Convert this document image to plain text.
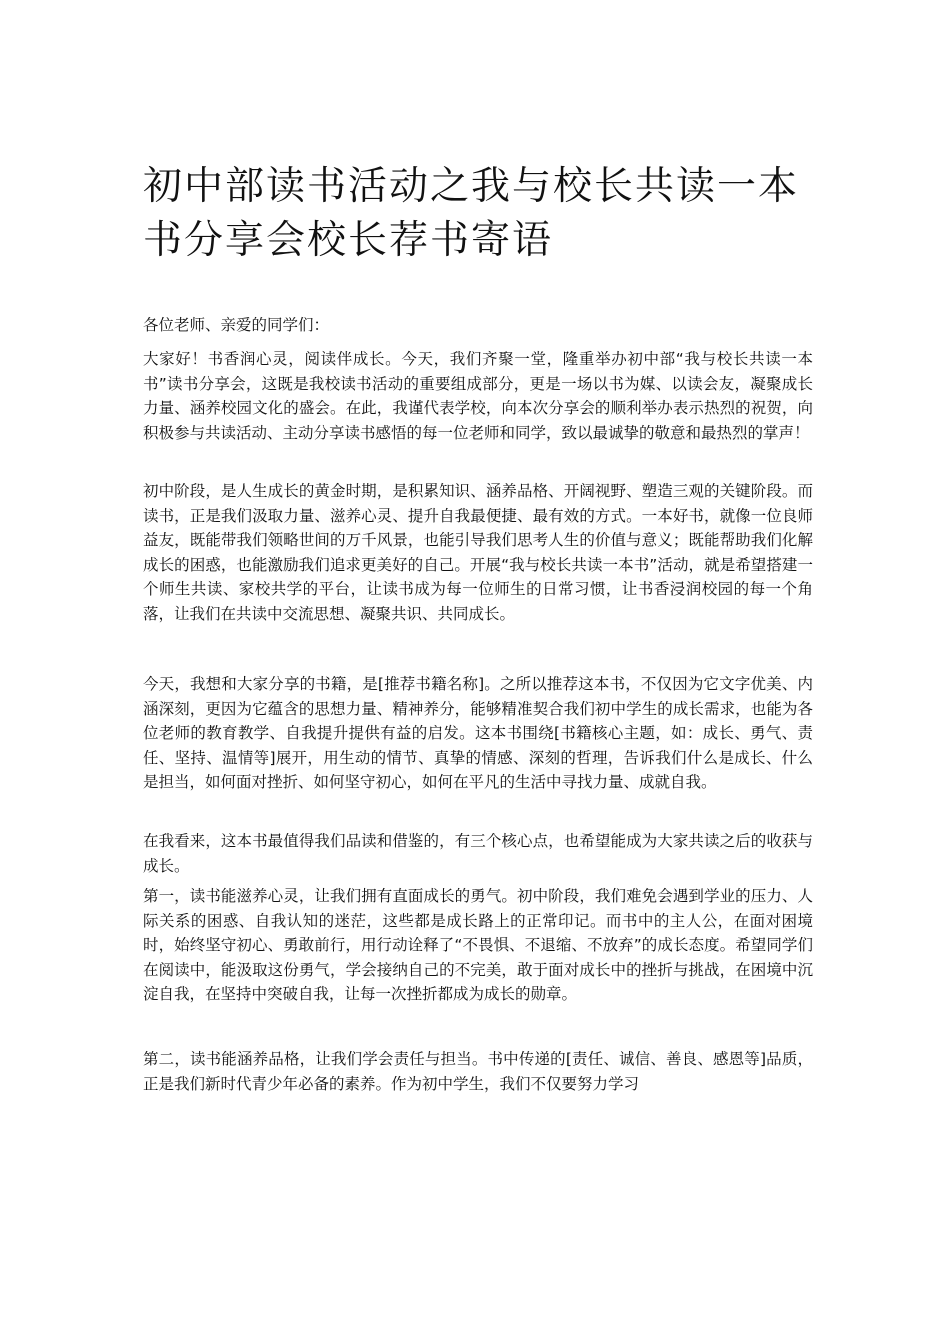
初中部读书活动之我与校长共读一本书分享会校长荐书寄语

各位老师、亲爱的同学们：

大家好！书香润心灵，阅读伴成长。今天，我们齐聚一堂，隆重举办初中部“我与校长共读一本书”读书分享会，这既是我校读书活动的重要组成部分，更是一场以书为媒、以读会友，凝聚成长力量、涵养校园文化的盛会。在此，我谨代表学校，向本次分享会的顺利举办表示热烈的祝贺，向积极参与共读活动、主动分享读书感悟的每一位老师和同学，致以最诚挚的敬意和最热烈的掌声！

初中阶段，是人生成长的黄金时期，是积累知识、涵养品格、开阔视野、塑造三观的关键阶段。而读书，正是我们汲取力量、滋养心灵、提升自我最便捷、最有效的方式。一本好书，就像一位良师益友，既能带我们领略世间的万千风景，也能引导我们思考人生的价值与意义；既能帮助我们化解成长的困惑，也能激励我们追求更美好的自己。开展“我与校长共读一本书”活动，就是希望搭建一个师生共读、家校共学的平台，让读书成为每一位师生的日常习惯，让书香浸润校园的每一个角落，让我们在共读中交流思想、凝聚共识、共同成长。

今天，我想和大家分享的书籍，是[推荐书籍名称]。之所以推荐这本书，不仅因为它文字优美、内涵深刻，更因为它蕴含的思想力量、精神养分，能够精准契合我们初中学生的成长需求，也能为各位老师的教育教学、自我提升提供有益的启发。这本书围绕[书籍核心主题，如：成长、勇气、责任、坚持、温情等]展开，用生动的情节、真挚的情感、深刻的哲理，告诉我们什么是成长、什么是担当，如何面对挫折、如何坚守初心，如何在平凡的生活中寻找力量、成就自我。

在我看来，这本书最值得我们品读和借鉴的，有三个核心点，也希望能成为大家共读之后的收获与成长。

第一，读书能滋养心灵，让我们拥有直面成长的勇气。初中阶段，我们难免会遇到学业的压力、人际关系的困惑、自我认知的迷茫，这些都是成长路上的正常印记。而书中的主人公，在面对困境时，始终坚守初心、勇敢前行，用行动诠释了“不畏惧、不退缩、不放弃”的成长态度。希望同学们在阅读中，能汲取这份勇气，学会接纳自己的不完美，敢于面对成长中的挫折与挑战，在困境中沉淀自我，在坚持中突破自我，让每一次挫折都成为成长的勋章。

第二，读书能涵养品格，让我们学会责任与担当。书中传递的[责任、诚信、善良、感恩等]品质，正是我们新时代青少年必备的素养。作为初中学生，我们不仅要努力学习
